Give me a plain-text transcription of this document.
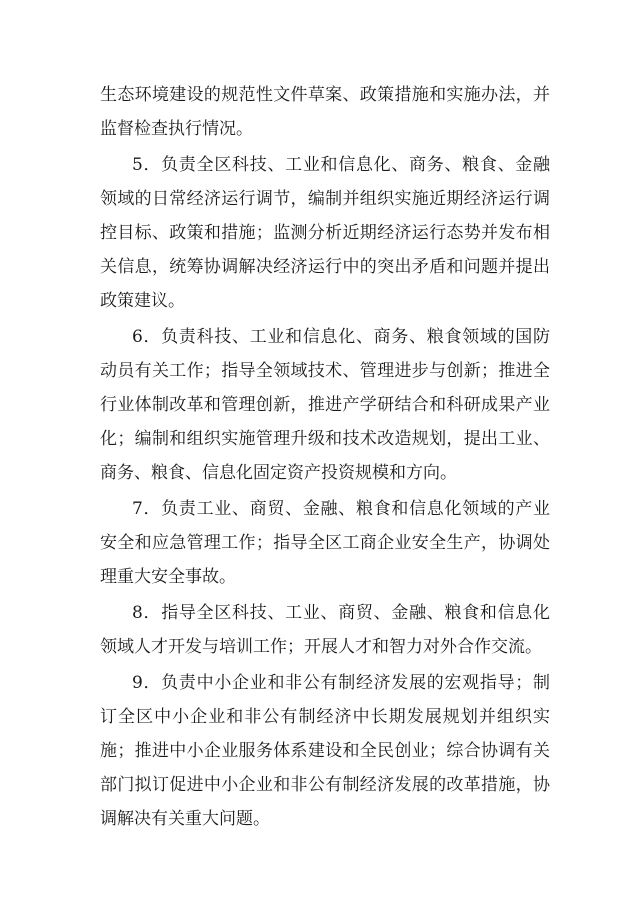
生态环境建设的规范性文件草案、政策措施和实施办法，并
监督检查执行情况。
5．负责全区科技、工业和信息化、商务、粮食、金融
领域的日常经济运行调节，编制并组织实施近期经济运行调
控目标、政策和措施；监测分析近期经济运行态势并发布相
关信息，统筹协调解决经济运行中的突出矛盾和问题并提出
政策建议。
6．负责科技、工业和信息化、商务、粮食领域的国防
动员有关工作；指导全领域技术、管理进步与创新；推进全
行业体制改革和管理创新，推进产学研结合和科研成果产业
化；编制和组织实施管理升级和技术改造规划，提出工业、
商务、粮食、信息化固定资产投资规模和方向。
7．负责工业、商贸、金融、粮食和信息化领域的产业
安全和应急管理工作；指导全区工商企业安全生产，协调处
理重大安全事故。
8．指导全区科技、工业、商贸、金融、粮食和信息化
领域人才开发与培训工作；开展人才和智力对外合作交流。
9．负责中小企业和非公有制经济发展的宏观指导；制
订全区中小企业和非公有制经济中长期发展规划并组织实
施；推进中小企业服务体系建设和全民创业；综合协调有关
部门拟订促进中小企业和非公有制经济发展的改革措施，协
调解决有关重大问题。
